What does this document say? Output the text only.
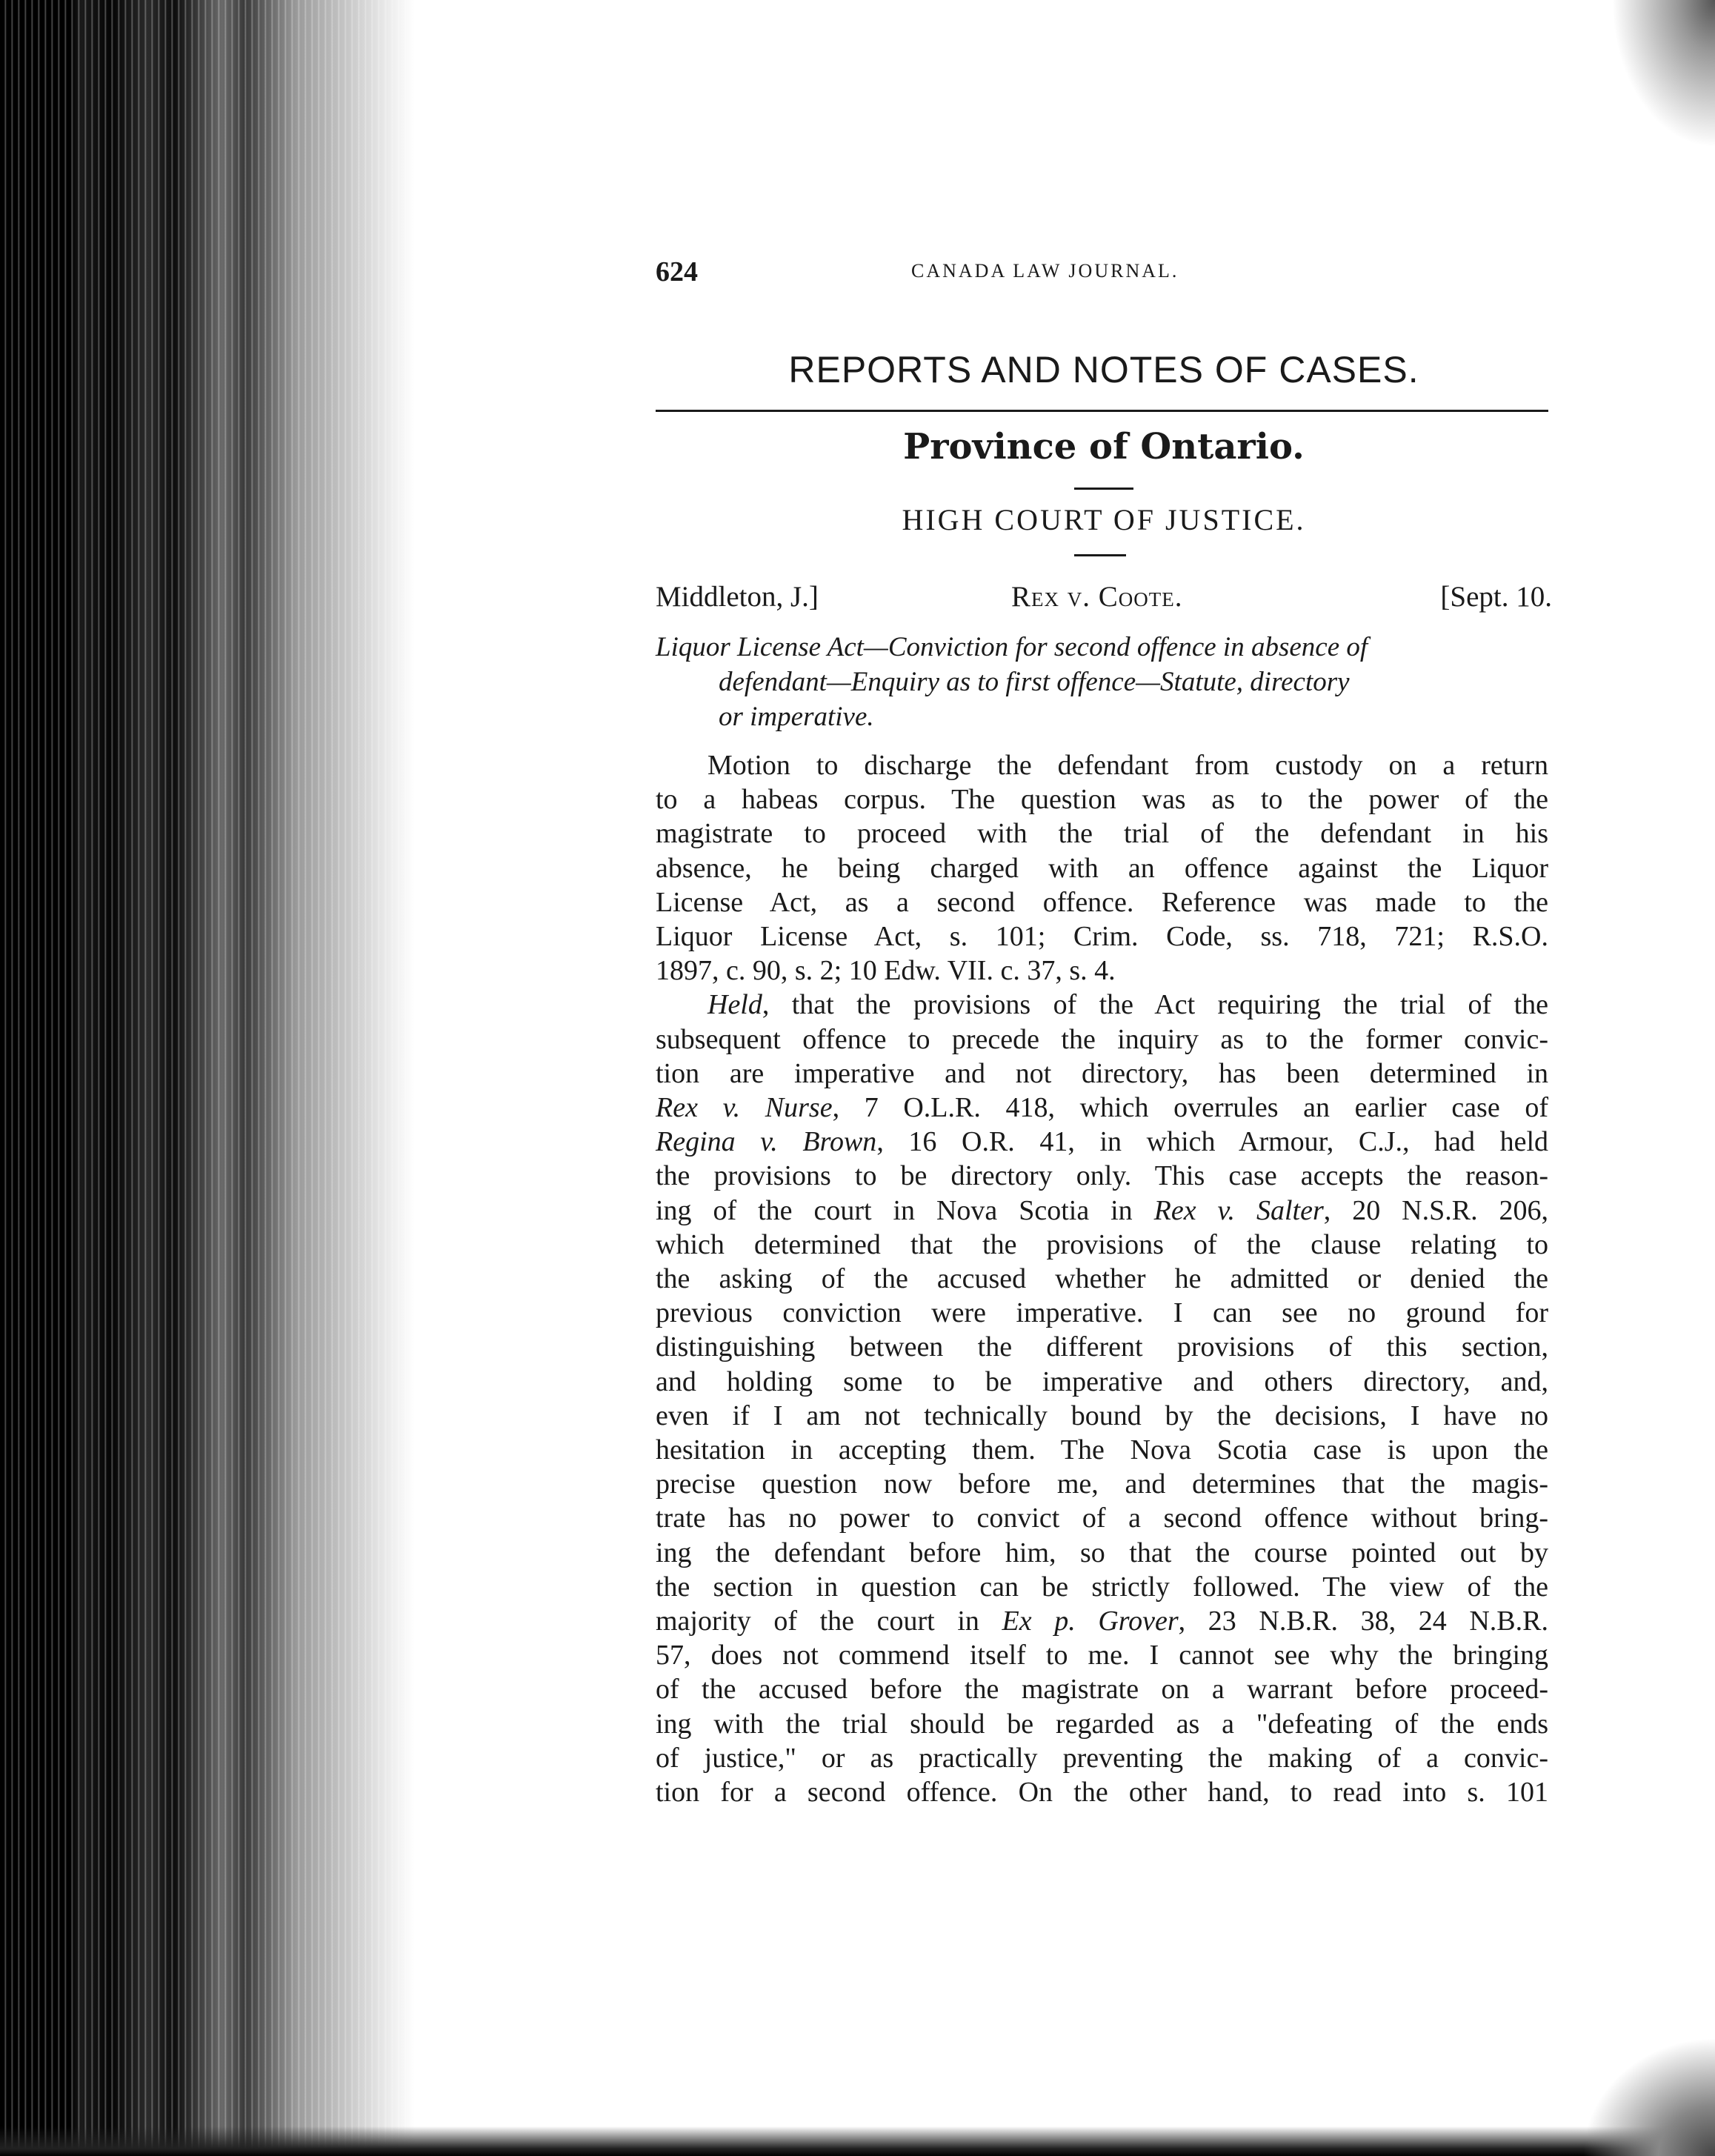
624	CANADA LAW JOURNAL.
REPORTS AND NOTES OF CASES.
Province of Ontario.
HIGH COURT OF JUSTICE.
Middleton, J.]	Rex v. Coote.	[Sept. 10.
Liquor License Act—Conviction for second offence in absence of
defendant—Enquiry as to first offence—Statute, directory
or imperative.
Motion to discharge the defendant from custody on a return
to a habeas corpus. The question was as to the power of the
magistrate to proceed with the trial of the defendant in his
absence, he being charged with an offence against the Liquor
License Act, as a second offence. Reference was made to the
Liquor License Act, s. 101; Crim. Code, ss. 718, 721; R.S.O.
1897, c. 90, s. 2; 10 Edw. VII. c. 37, s. 4.
Held, that the provisions of the Act requiring the trial of the
subsequent offence to precede the inquiry as to the former convic-
tion are imperative and not directory, has been determined in
Rex v. Nurse, 7 O.L.R. 418, which overrules an earlier case of
Regina v. Brown, 16 O.R. 41, in which Armour, C.J., had held
the provisions to be directory only. This case accepts the reason-
ing of the court in Nova Scotia in Rex v. Salter, 20 N.S.R. 206,
which determined that the provisions of the clause relating to
the asking of the accused whether he admitted or denied the
previous conviction were imperative. I can see no ground for
distinguishing between the different provisions of this section,
and holding some to be imperative and others directory, and,
even if I am not technically bound by the decisions, I have no
hesitation in accepting them. The Nova Scotia case is upon the
precise question now before me, and determines that the magis-
trate has no power to convict of a second offence without bring-
ing the defendant before him, so that the course pointed out by
the section in question can be strictly followed. The view of the
majority of the court in Ex p. Grover, 23 N.B.R. 38, 24 N.B.R.
57, does not commend itself to me. I cannot see why the bringing
of the accused before the magistrate on a warrant before proceed-
ing with the trial should be regarded as a "defeating of the ends
of justice," or as practically preventing the making of a convic-
tion for a second offence. On the other hand, to read into s. 101
